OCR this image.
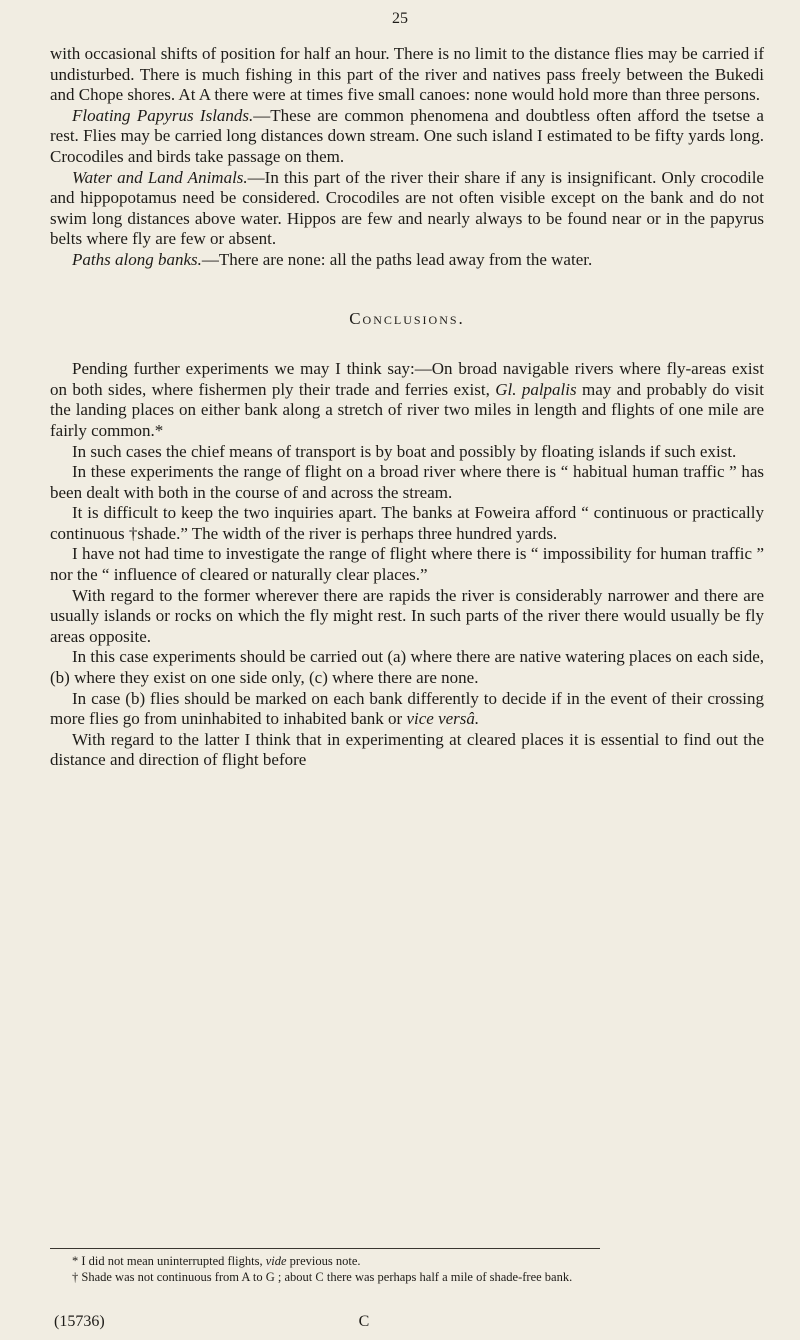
25

with occasional shifts of position for half an hour. There is no limit to the distance flies may be carried if undisturbed. There is much fishing in this part of the river and natives pass freely between the Bukedi and Chope shores. At A there were at times five small canoes: none would hold more than three persons.

Floating Papyrus Islands.—These are common phenomena and doubtless often afford the tsetse a rest. Flies may be carried long distances down stream. One such island I estimated to be fifty yards long. Crocodiles and birds take passage on them.

Water and Land Animals.—In this part of the river their share if any is insignificant. Only crocodile and hippopotamus need be considered. Crocodiles are not often visible except on the bank and do not swim long distances above water. Hippos are few and nearly always to be found near or in the papyrus belts where fly are few or absent.

Paths along banks.—There are none: all the paths lead away from the water.

Conclusions.

Pending further experiments we may I think say:—On broad navigable rivers where fly-areas exist on both sides, where fishermen ply their trade and ferries exist, Gl. palpalis may and probably do visit the landing places on either bank along a stretch of river two miles in length and flights of one mile are fairly common.*

In such cases the chief means of transport is by boat and possibly by floating islands if such exist.

In these experiments the range of flight on a broad river where there is “ habitual human traffic ” has been dealt with both in the course of and across the stream.

It is difficult to keep the two inquiries apart. The banks at Foweira afford “ continuous or practically continuous †shade.” The width of the river is perhaps three hundred yards.

I have not had time to investigate the range of flight where there is “ impossibility for human traffic ” nor the “ influence of cleared or naturally clear places.”

With regard to the former wherever there are rapids the river is considerably narrower and there are usually islands or rocks on which the fly might rest. In such parts of the river there would usually be fly areas opposite.

In this case experiments should be carried out (a) where there are native watering places on each side, (b) where they exist on one side only, (c) where there are none.

In case (b) flies should be marked on each bank differently to decide if in the event of their crossing more flies go from uninhabited to inhabited bank or vice versâ.

With regard to the latter I think that in experimenting at cleared places it is essential to find out the distance and direction of flight before

* I did not mean uninterrupted flights, vide previous note.

† Shade was not continuous from A to G ; about C there was perhaps half a mile of shade-free bank.

(15736)	C
